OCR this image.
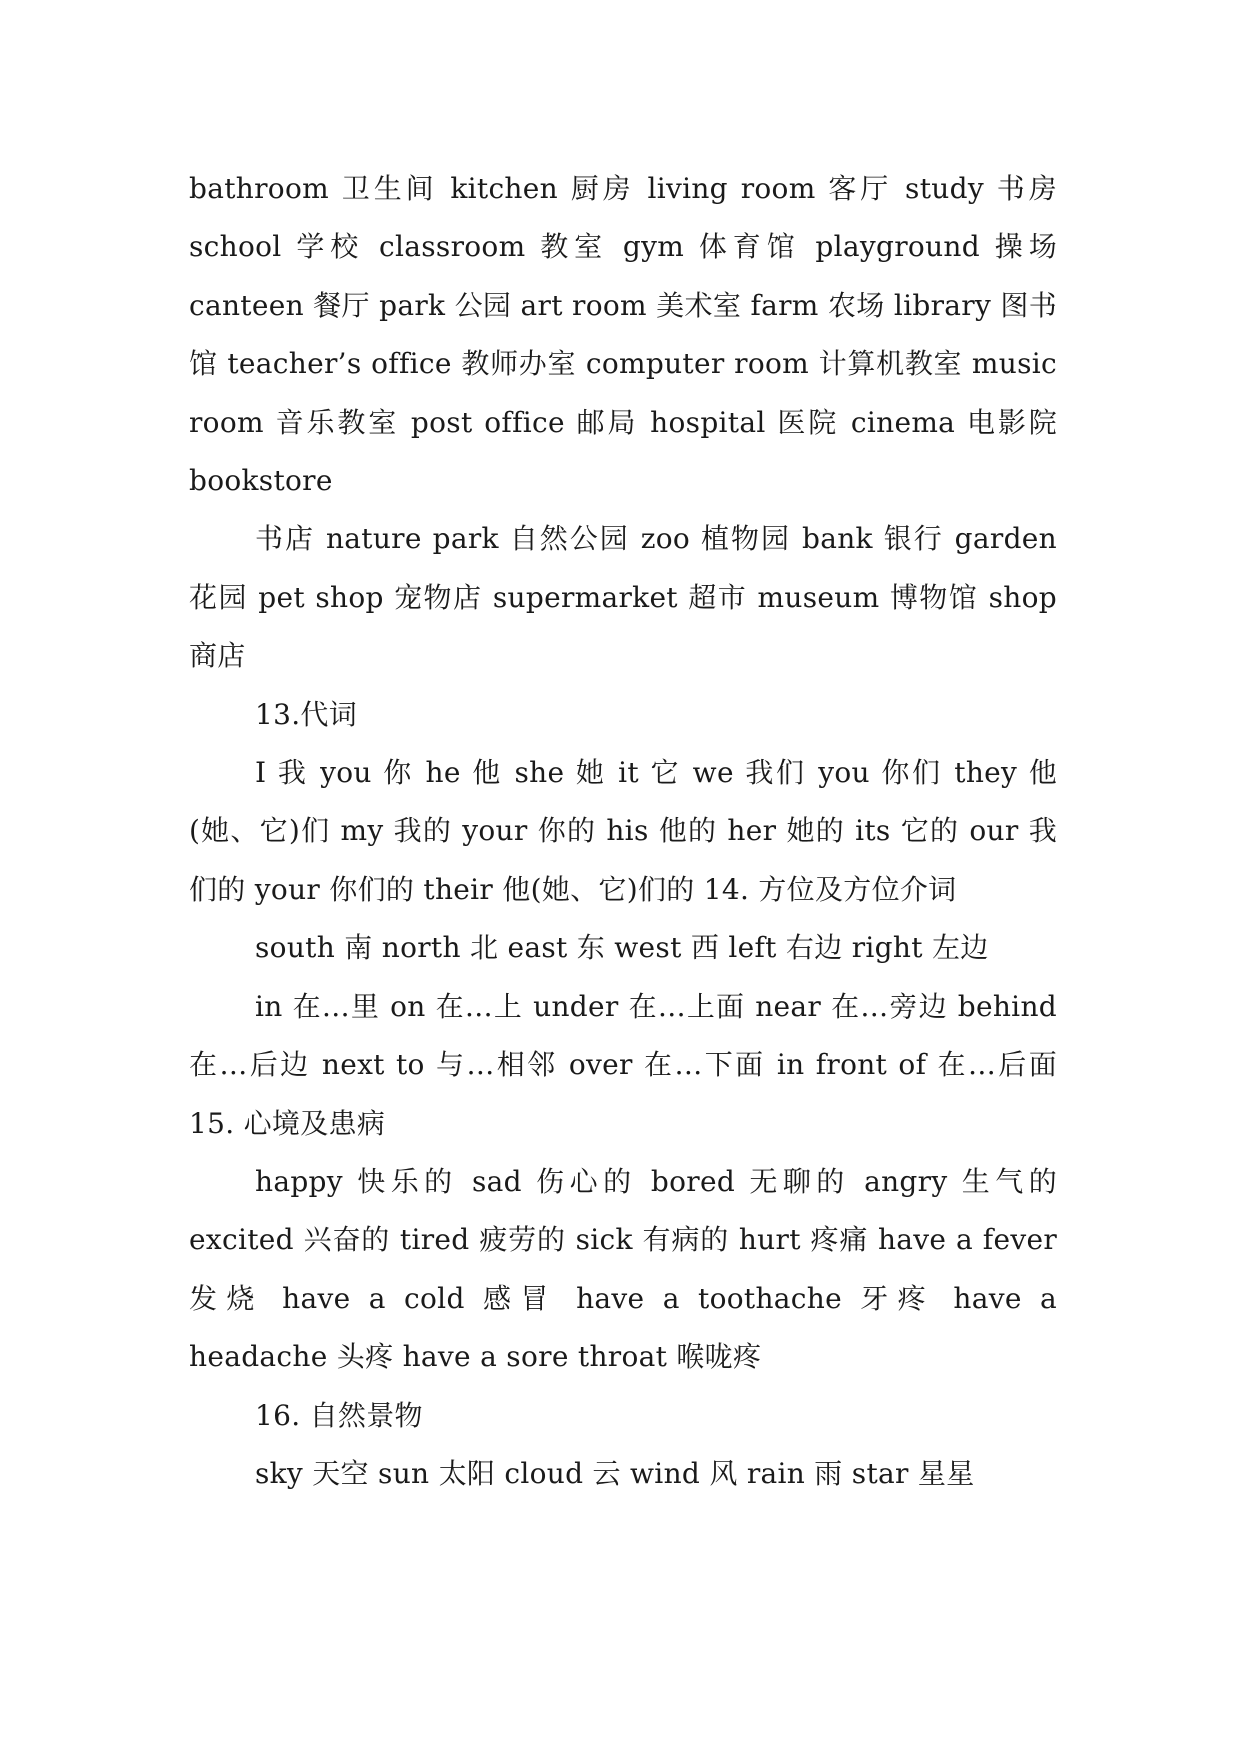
bathroom 卫生间 kitchen 厨房 living room 客厅 study 书房 school 学校 classroom 教室 gym 体育馆 playground 操场 canteen 餐厅 park 公园 art room 美术室 farm 农场 library 图书馆 teacher’s office 教师办室 computer room 计算机教室 music room 音乐教室 post office 邮局 hospital 医院 cinema 电影院 bookstore

书店 nature park 自然公园 zoo 植物园 bank 银行 garden 花园 pet shop 宠物店 supermarket 超市 museum 博物馆 shop 商店

13.代词

I 我 you 你 he 他 she 她 it 它 we 我们 you 你们 they 他(她、它)们 my 我的 your 你的 his 他的 her 她的 its 它的 our 我们的 your 你们的 their 他(她、它)们的 14. 方位及方位介词

south 南 north 北 east 东 west 西 left 右边 right 左边

in 在…里 on 在…上 under 在…上面 near 在…旁边 behind 在…后边 next to 与…相邻 over 在…下面 in front of 在…后面 15. 心境及患病

happy 快乐的 sad 伤心的 bored 无聊的 angry 生气的 excited 兴奋的 tired 疲劳的 sick 有病的 hurt 疼痛 have a fever 发烧 have a cold 感冒 have a toothache 牙疼 have a headache 头疼 have a sore throat 喉咙疼

16. 自然景物

sky 天空 sun 太阳 cloud 云 wind 风 rain 雨 star 星星
